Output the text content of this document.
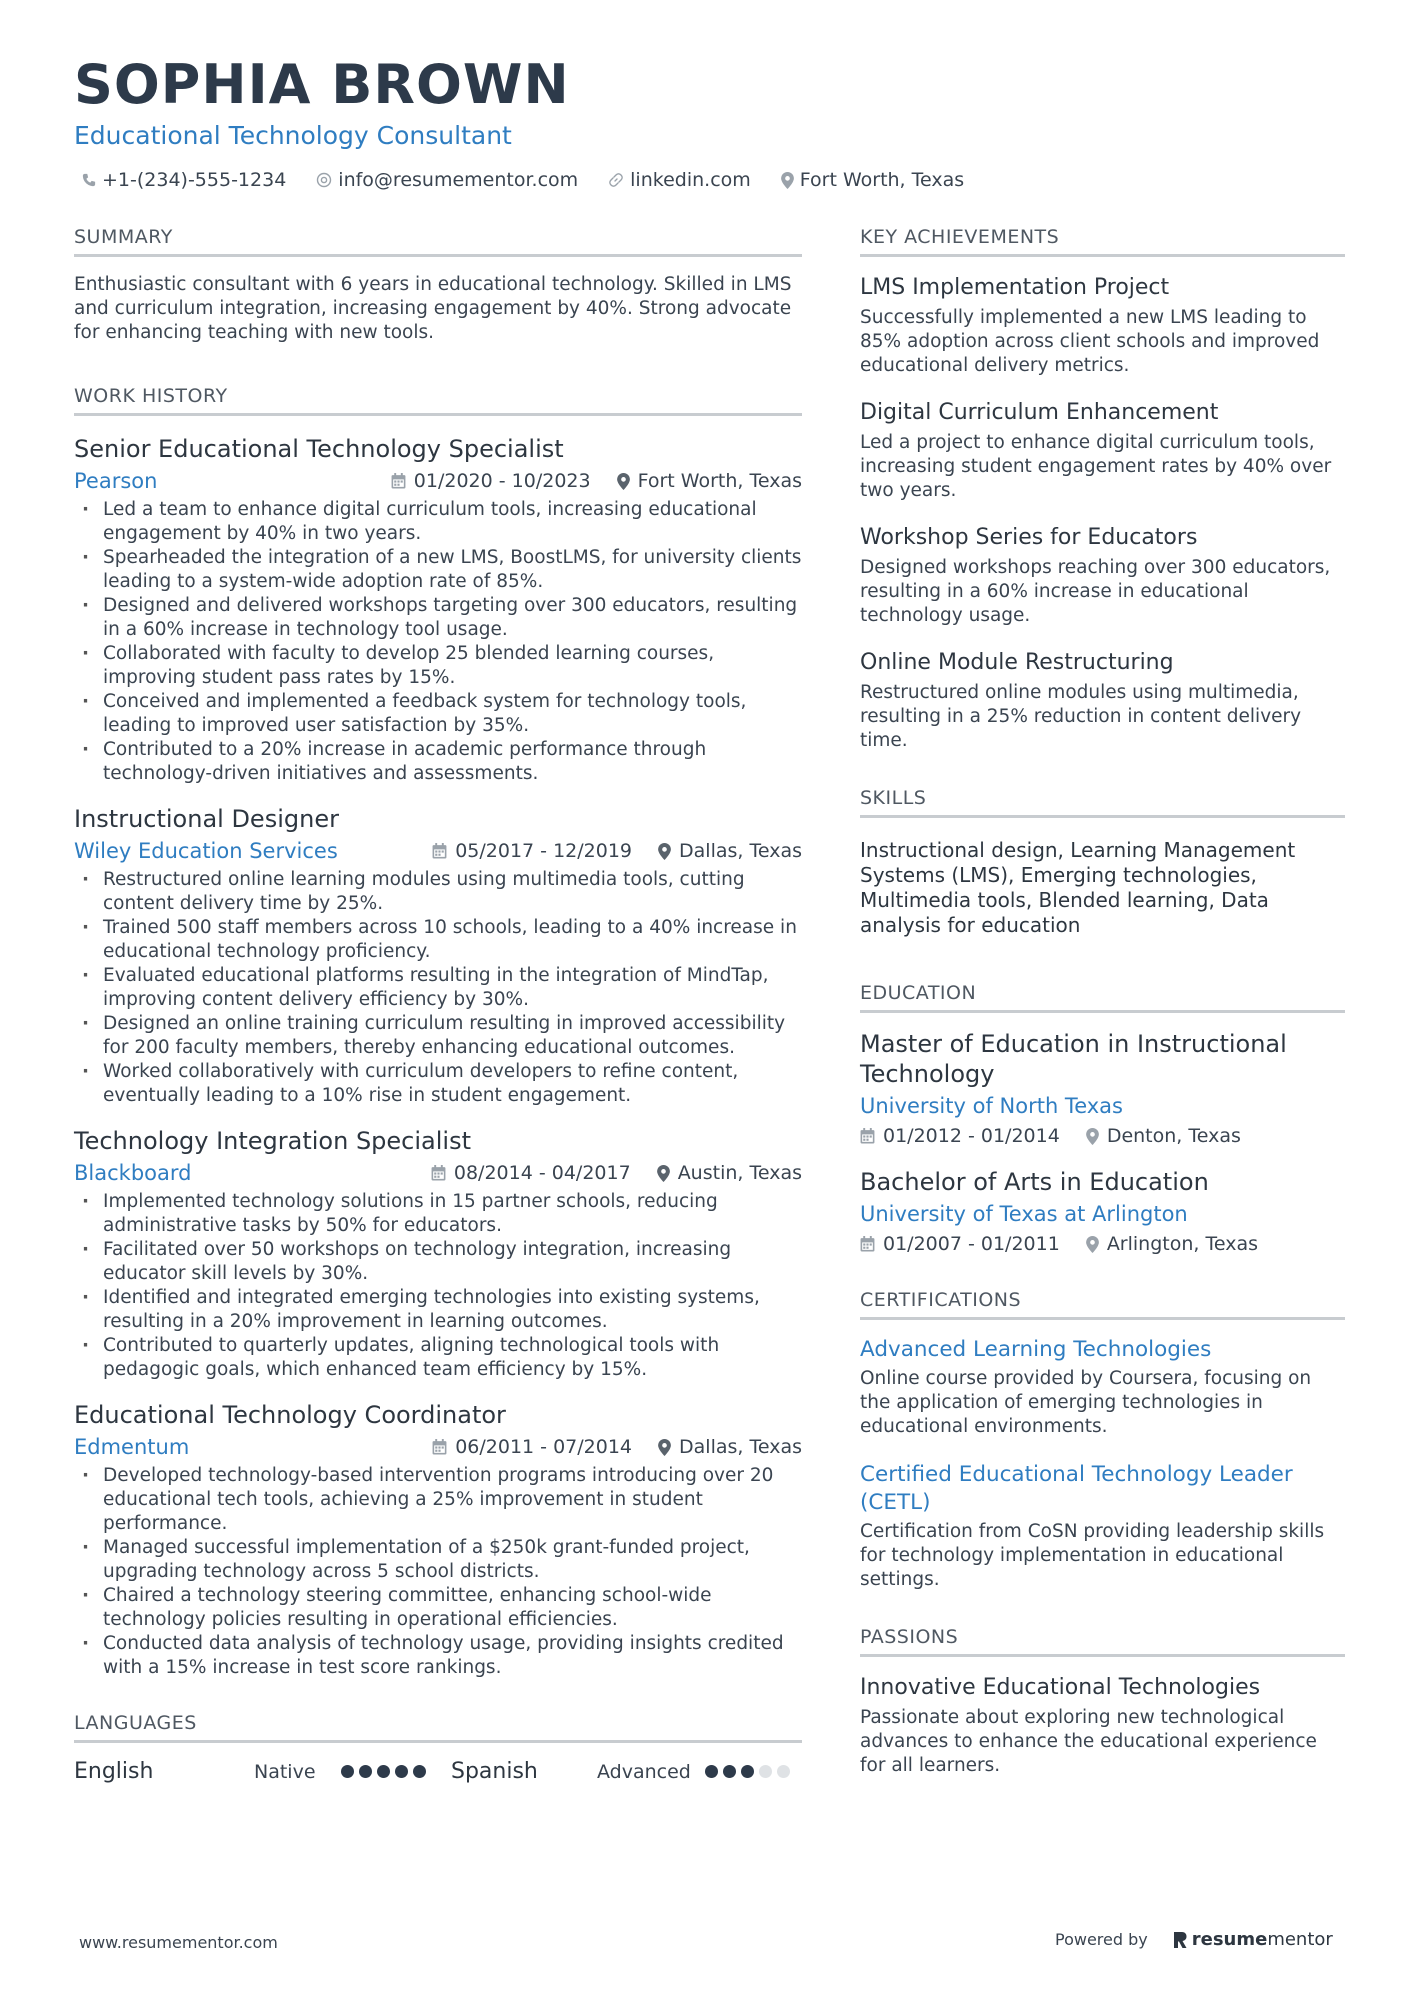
SOPHIA BROWN
Educational Technology Consultant
+1-(234)-555-1234	info@resumementor.com	linkedin.com	Fort Worth, Texas
SUMMARY

Enthusiastic consultant with 6 years in educational technology. Skilled in LMS and curriculum integration, increasing engagement by 40%. Strong advocate for enhancing teaching with new tools.

WORK HISTORY
Senior Educational Technology Specialist
Pearson	01/2020 - 10/2023 Fort Worth, Texas
· Led a team to enhance digital curriculum tools, increasing educational engagement by 40% in two years.
· Spearheaded the integration of a new LMS, BoostLMS, for university clients leading to a system-wide adoption rate of 85%.
· Designed and delivered workshops targeting over 300 educators, resulting in a 60% increase in technology tool usage.
· Collaborated with faculty to develop 25 blended learning courses, improving student pass rates by 15%.
· Conceived and implemented a feedback system for technology tools, leading to improved user satisfaction by 35%.
· Contributed to a 20% increase in academic performance through technology-driven initiatives and assessments.
Instructional Designer
Wiley Education Services	05/2017 - 12/2019 Dallas, Texas
· Restructured online learning modules using multimedia tools, cutting content delivery time by 25%.
· Trained 500 staff members across 10 schools, leading to a 40% increase in educational technology proficiency.
· Evaluated educational platforms resulting in the integration of MindTap, improving content delivery efficiency by 30%.
· Designed an online training curriculum resulting in improved accessibility for 200 faculty members, thereby enhancing educational outcomes.
· Worked collaboratively with curriculum developers to refine content, eventually leading to a 10% rise in student engagement.
Technology Integration Specialist
Blackboard	08/2014 - 04/2017 Austin, Texas
· Implemented technology solutions in 15 partner schools, reducing administrative tasks by 50% for educators.
· Facilitated over 50 workshops on technology integration, increasing educator skill levels by 30%.
· Identified and integrated emerging technologies into existing systems, resulting in a 20% improvement in learning outcomes.
· Contributed to quarterly updates, aligning technological tools with pedagogic goals, which enhanced team efficiency by 15%.
Educational Technology Coordinator
Edmentum	06/2011 - 07/2014 Dallas, Texas
· Developed technology-based intervention programs introducing over 20 educational tech tools, achieving a 25% improvement in student performance.
· Managed successful implementation of a $250k grant-funded project, upgrading technology across 5 school districts.
· Chaired a technology steering committee, enhancing school-wide technology policies resulting in operational efficiencies.
· Conducted data analysis of technology usage, providing insights credited with a 15% increase in test score rankings.
LANGUAGES
English	Native	Spanish	Advanced
KEY ACHIEVEMENTS
LMS Implementation Project

Successfully implemented a new LMS leading to 85% adoption across client schools and improved educational delivery metrics.

Digital Curriculum Enhancement

Led a project to enhance digital curriculum tools, increasing student engagement rates by 40% over two years.

Workshop Series for Educators

Designed workshops reaching over 300 educators, resulting in a 60% increase in educational technology usage.

Online Module Restructuring

Restructured online modules using multimedia, resulting in a 25% reduction in content delivery time.

SKILLS

Instructional design, Learning Management Systems (LMS), Emerging technologies, Multimedia tools, Blended learning, Data analysis for education

EDUCATION
Master of Education in Instructional Technology
University of North Texas
01/2012 - 01/2014 Denton, Texas
Bachelor of Arts in Education
University of Texas at Arlington
01/2007 - 01/2011 Arlington, Texas
CERTIFICATIONS
Advanced Learning Technologies

Online course provided by Coursera, focusing on the application of emerging technologies in educational environments.

Certified Educational Technology Leader (CETL)

Certification from CoSN providing leadership skills for technology implementation in educational settings.

PASSIONS
Innovative Educational Technologies

Passionate about exploring new technological advances to enhance the educational experience for all learners.

www.resumementor.com	Powered by resume mentor
